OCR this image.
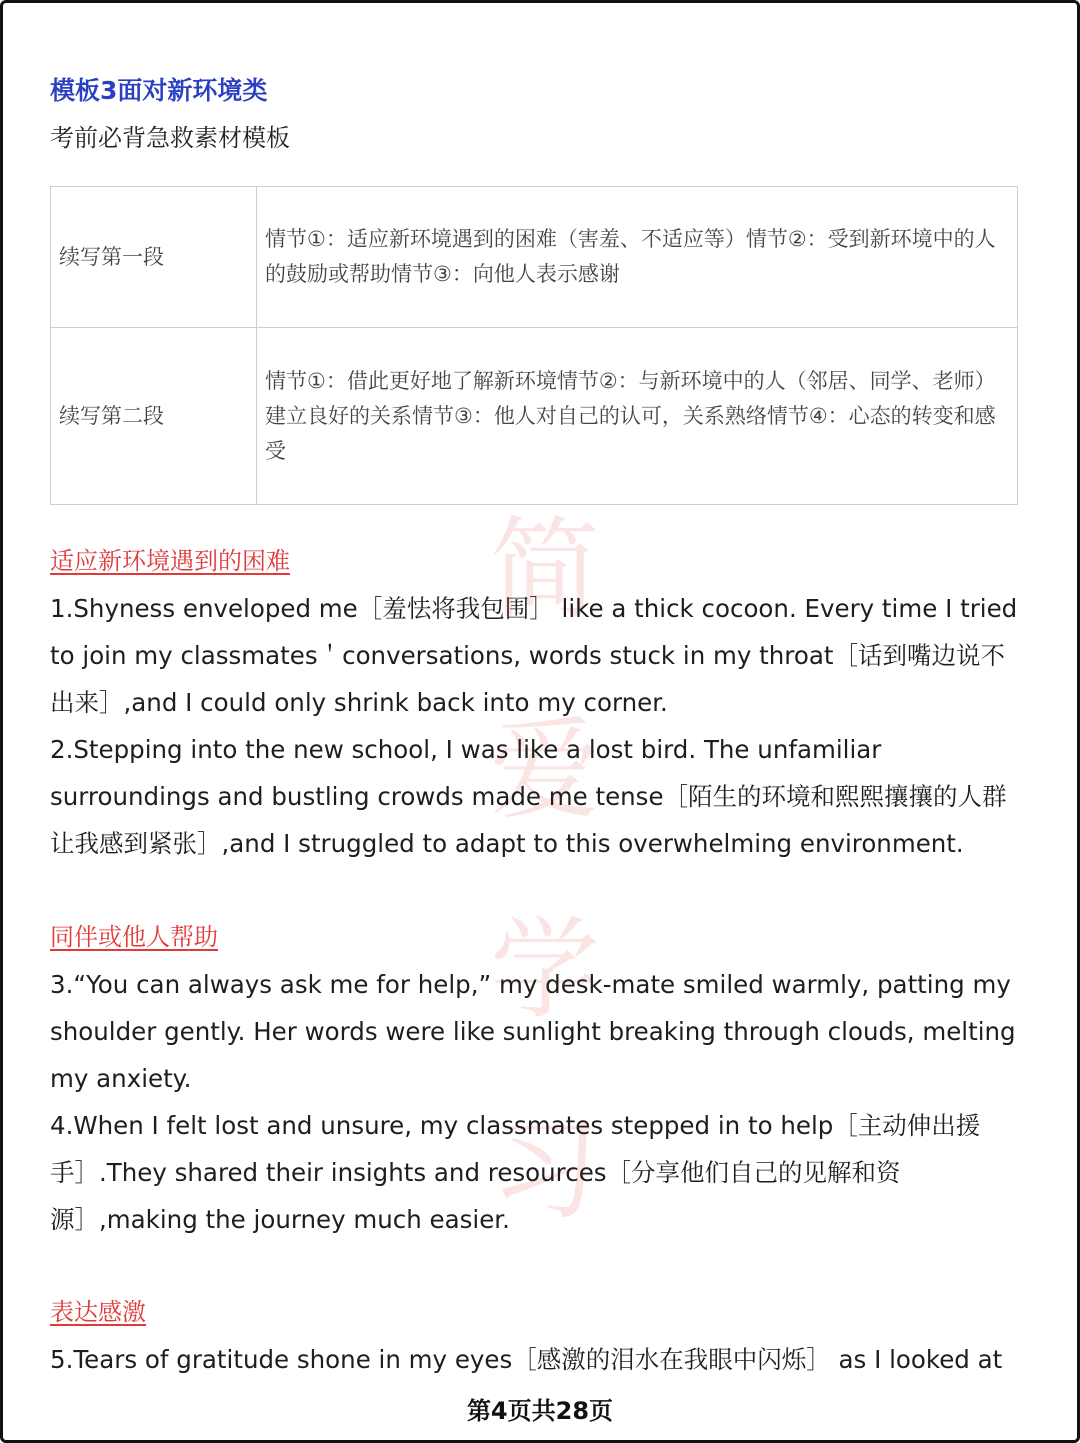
简爱学习
模板3面对新环境类
考前必背急救素材模板
续写第一段	情节①：适应新环境遇到的困难（害羞、不适应等）情节②：受到新环境中的人的鼓励或帮助情节③：向他人表示感谢
续写第二段	情节①：借此更好地了解新环境情节②：与新环境中的人（邻居、同学、老师）建立良好的关系情节③：他人对自己的认可，关系熟络情节④：心态的转变和感受
适应新环境遇到的困难

1.Shyness enveloped me［羞怯将我包围］ like a thick cocoon. Every time I tried to join my classmates＇conversations, words stuck in my throat［话到嘴边说不出来］,and I could only shrink back into my corner.

2.Stepping into the new school, I was like a lost bird. The unfamiliar surroundings and bustling crowds made me tense［陌生的环境和熙熙攘攘的人群让我感到紧张］,and I struggled to adapt to this overwhelming environment.

同伴或他人帮助

3.“You can always ask me for help,” my desk-mate smiled warmly, patting my shoulder gently. Her words were like sunlight breaking through clouds, melting my anxiety.

4.When I felt lost and unsure, my classmates stepped in to help［主动伸出援手］.They shared their insights and resources［分享他们自己的见解和资源］,making the journey much easier.

表达感激

5.Tears of gratitude shone in my eyes［感激的泪水在我眼中闪烁］ as I looked at

第4页共28页
